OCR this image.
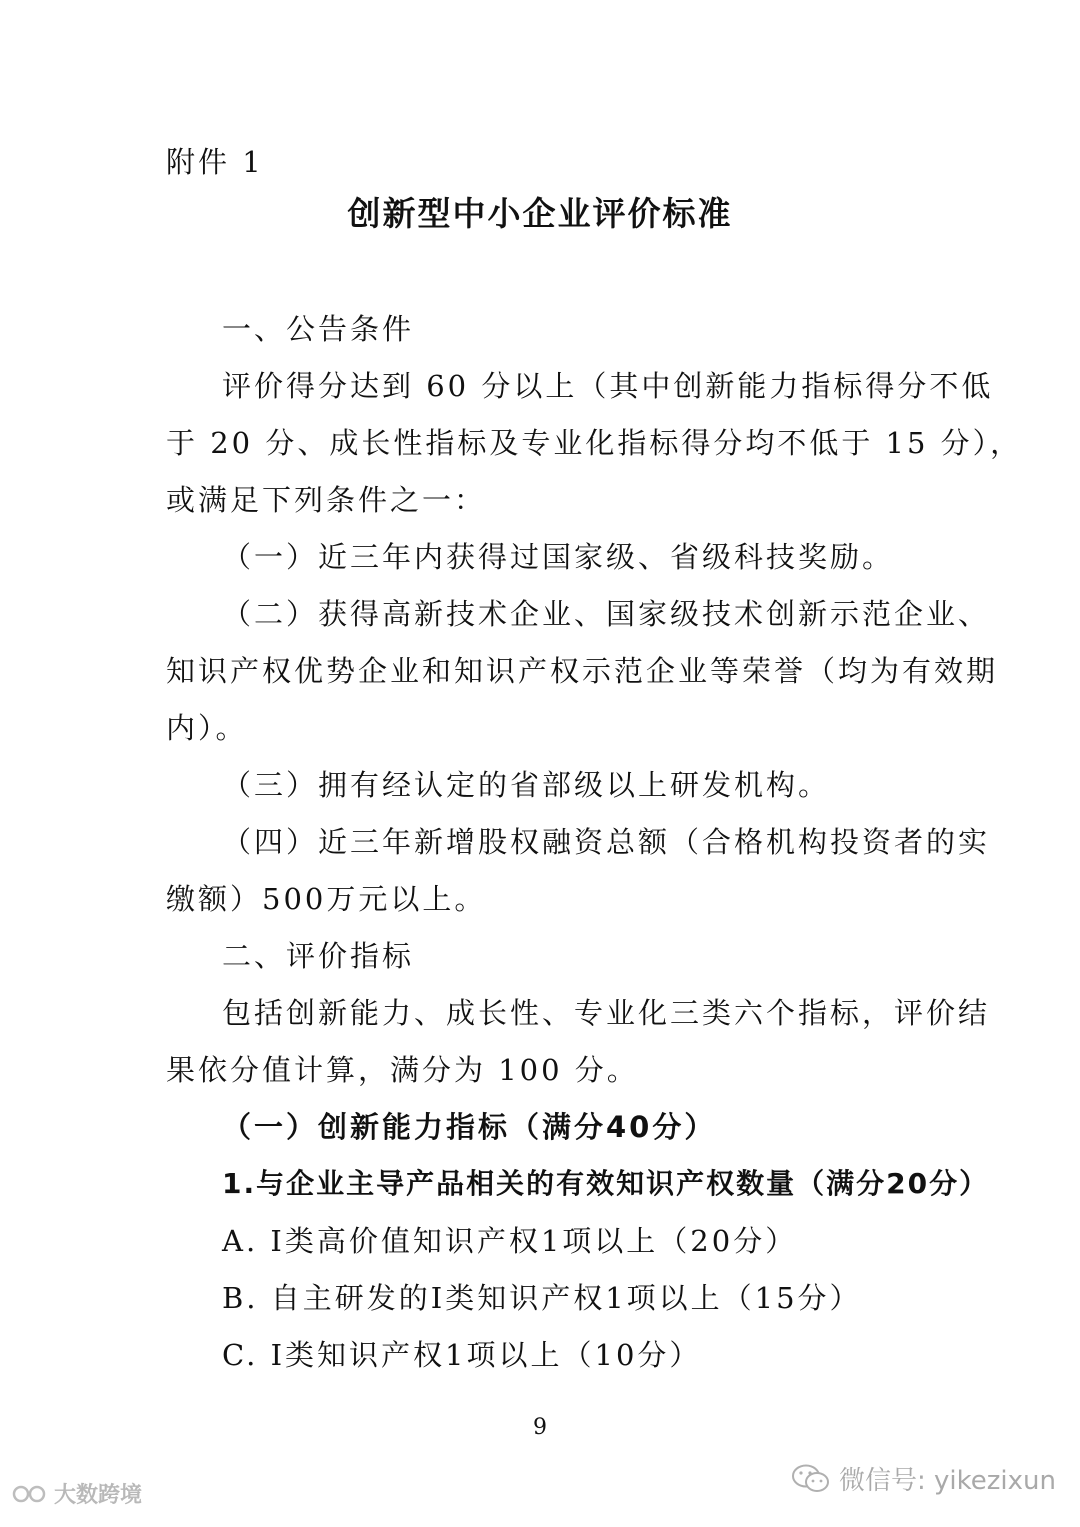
附件 1
创新型中小企业评价标准
一、公告条件
评价得分达到 60 分以上（其中创新能力指标得分不低
于 20 分、成长性指标及专业化指标得分均不低于 15 分），
或满足下列条件之一：
（一）近三年内获得过国家级、省级科技奖励。
（二）获得高新技术企业、国家级技术创新示范企业、
知识产权优势企业和知识产权示范企业等荣誉（均为有效期
内）。
（三）拥有经认定的省部级以上研发机构。
（四）近三年新增股权融资总额（合格机构投资者的实
缴额）500万元以上。
二、评价指标
包括创新能力、成长性、专业化三类六个指标，评价结
果依分值计算，满分为 100 分。
（一）创新能力指标（满分40分）
1.与企业主导产品相关的有效知识产权数量（满分20分）
A. I类高价值知识产权1项以上（20分）
B. 自主研发的I类知识产权1项以上（15分）
C. I类知识产权1项以上（10分）
9
大数跨境	微信号: yikezixun
